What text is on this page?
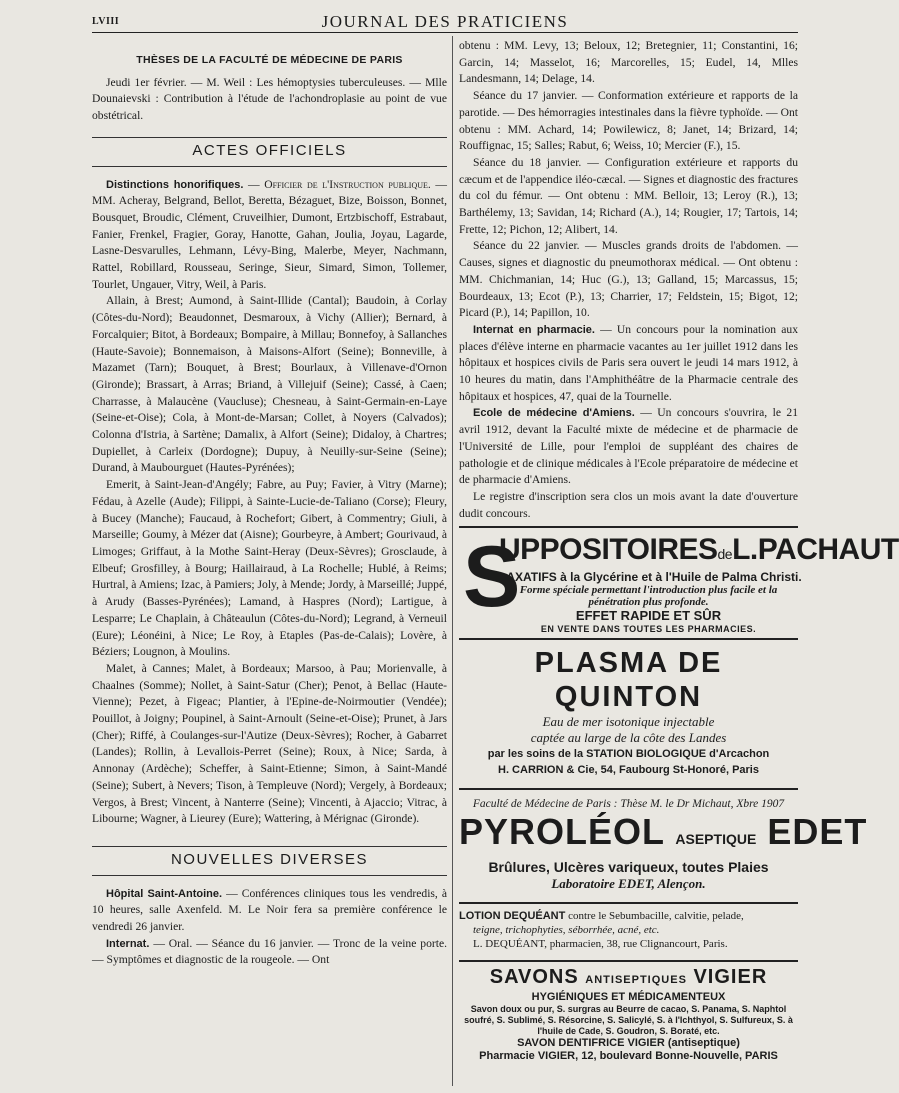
LVIII	JOURNAL DES PRATICIENS
THÈSES DE LA FACULTÉ DE MÉDECINE DE PARIS

Jeudi 1er février. — M. Weil : Les hémoptysies tuberculeuses. — Mlle Dounaievski : Contribution à l'étude de l'achondroplasie au point de vue obstétrical.

ACTES OFFICIELS

Distinctions honorifiques. — Officier de l'Instruction publique. — MM. Acheray, Belgrand, Bellot, Beretta, Bézaguet, Bize, Boisson, Bonnet, Bousquet, Broudic, Clément, Cruveilhier, Dumont, Ertzbischoff, Estrabaut, Fanier, Frenkel, Fragier, Goray, Hanotte, Gahan, Joulia, Joyau, Lagarde, Lasne-Desvarulles, Lehmann, Lévy-Bing, Malerbe, Meyer, Nachmann, Rattel, Robillard, Rousseau, Seringe, Sieur, Simard, Simon, Tollemer, Tourlet, Ungauer, Vitry, Weil, à Paris.

Allain, à Brest; Aumond, à Saint-Illide (Cantal); Baudoin, à Corlay (Côtes-du-Nord); Beaudonnet, Desmaroux, à Vichy (Allier); Bernard, à Forcalquier; Bitot, à Bordeaux; Bompaire, à Millau; Bonnefoy, à Sallanches (Haute-Savoie); Bonnemaison, à Maisons-Alfort (Seine); Bonneville, à Mazamet (Tarn); Bouquet, à Brest; Bourlaux, à Villenave-d'Ornon (Gironde); Brassart, à Arras; Briand, à Villejuif (Seine); Cassé, à Caen; Charrasse, à Malaucène (Vaucluse); Chesneau, à Saint-Germain-en-Laye (Seine-et-Oise); Cola, à Mont-de-Marsan; Collet, à Noyers (Calvados); Colonna d'Istria, à Sartène; Damalix, à Alfort (Seine); Didaloy, à Chartres; Dupiellet, à Carleix (Dordogne); Dupuy, à Neuilly-sur-Seine (Seine); Durand, à Maubourguet (Hautes-Pyrénées);

Emerit, à Saint-Jean-d'Angély; Fabre, au Puy; Favier, à Vitry (Marne); Fédau, à Azelle (Aude); Filippi, à Sainte-Lucie-de-Taliano (Corse); Fleury, à Bucey (Manche); Faucaud, à Rochefort; Gibert, à Commentry; Giuli, à Marseille; Goumy, à Mézer dat (Aisne); Gourbeyre, à Ambert; Gourivaud, à Limoges; Griffaut, à la Mothe Saint-Heray (Deux-Sèvres); Grosclaude, à Elbeuf; Grosfilley, à Bourg; Haillairaud, à La Rochelle; Hublé, à Reims; Hurtral, à Amiens; Izac, à Pamiers; Joly, à Mende; Jordy, à Marseillé; Juppé, à Arudy (Basses-Pyrénées); Lamand, à Haspres (Nord); Lartigue, à Lesparre; Le Chaplain, à Châteaulun (Côtes-du-Nord); Legrand, à Verneuil (Eure); Léonéini, à Nice; Le Roy, à Etaples (Pas-de-Calais); Lovère, à Béziers; Lougnon, à Moulins.

Malet, à Cannes; Malet, à Bordeaux; Marsoo, à Pau; Morienvalle, à Chaalnes (Somme); Nollet, à Saint-Satur (Cher); Penot, à Bellac (Haute-Vienne); Pezet, à Figeac; Plantier, à l'Epine-de-Noirmoutier (Vendée); Pouillot, à Joigny; Poupinel, à Saint-Arnoult (Seine-et-Oise); Prunet, à Jars (Cher); Riffé, à Coulanges-sur-l'Autize (Deux-Sèvres); Rocher, à Gabarret (Landes); Rollin, à Levallois-Perret (Seine); Roux, à Nice; Sarda, à Annonay (Ardèche); Scheffer, à Saint-Etienne; Simon, à Saint-Mandé (Seine); Subert, à Nevers; Tison, à Templeuve (Nord); Vergely, à Bordeaux; Vergos, à Brest; Vincent, à Nanterre (Seine); Vincenti, à Ajaccio; Vitrac, à Libourne; Wagner, à Lieurey (Eure); Wattering, à Mérignac (Gironde).

NOUVELLES DIVERSES

Hôpital Saint-Antoine. — Conférences cliniques tous les vendredis, à 10 heures, salle Axenfeld. M. Le Noir fera sa première conférence le vendredi 26 janvier.

Internat. — Oral. — Séance du 16 janvier. — Tronc de la veine porte. — Symptômes et diagnostic de la rougeole. — Ont

obtenu : MM. Levy, 13; Beloux, 12; Bretegnier, 11; Constantini, 16; Garcin, 14; Masselot, 16; Marcorelles, 15; Eudel, 14, Mlles Landesmann, 14; Delage, 14.

Séance du 17 janvier. — Conformation extérieure et rapports de la parotide. — Des hémorragies intestinales dans la fièvre typhoïde. — Ont obtenu : MM. Achard, 14; Powilewicz, 8; Janet, 14; Brizard, 14; Rouffignac, 15; Salles; Rabut, 6; Weiss, 10; Mercier (F.), 15.

Séance du 18 janvier. — Configuration extérieure et rapports du cæcum et de l'appendice iléo-cæcal. — Signes et diagnostic des fractures du col du fémur. — Ont obtenu : MM. Belloir, 13; Leroy (R.), 13; Barthélemy, 13; Savidan, 14; Richard (A.), 14; Rougier, 17; Tartois, 14; Frette, 12; Pichon, 12; Alibert, 14.

Séance du 22 janvier. — Muscles grands droits de l'abdomen. — Causes, signes et diagnostic du pneumothorax médical. — Ont obtenu : MM. Chichmanian, 14; Huc (G.), 13; Galland, 15; Marcassus, 15; Bourdeaux, 13; Ecot (P.), 13; Charrier, 17; Feldstein, 15; Bigot, 12; Picard (P.), 14; Papillon, 10.

Internat en pharmacie. — Un concours pour la nomination aux places d'élève interne en pharmacie vacantes au 1er juillet 1912 dans les hôpitaux et hospices civils de Paris sera ouvert le jeudi 14 mars 1912, à 10 heures du matin, dans l'Amphithéâtre de la Pharmacie centrale des hôpitaux et hospices, 47, quai de la Tournelle.

Ecole de médecine d'Amiens. — Un concours s'ouvrira, le 21 avril 1912, devant la Faculté mixte de médecine et de pharmacie de l'Université de Lille, pour l'emploi de suppléant des chaires de pathologie et de clinique médicales à l'Ecole préparatoire de médecine et de pharmacie d'Amiens.

Le registre d'inscription sera clos un mois avant la date d'ouverture dudit concours.

S
UPPOSITOIRESdeL.PACHAUT
LAXATIFS à la Glycérine et à l'Huile de Palma Christi.
Forme spéciale permettant l'introduction plus facile et la pénétration plus profonde.
EFFET RAPIDE ET SÛR
EN VENTE DANS TOUTES LES PHARMACIES.
PLASMA DE QUINTON
Eau de mer isotonique injectable
captée au large de la côte des Landes
par les soins de la STATION BIOLOGIQUE d'Arcachon
H. CARRION & Cie, 54, Faubourg St-Honoré, Paris
Faculté de Médecine de Paris : Thèse M. le Dr Michaut, Xbre 1907
PYROLÉOL ASEPTIQUE EDET
Brûlures, Ulcères variqueux, toutes Plaies
Laboratoire EDET, Alençon.
LOTION DEQUÉANT contre le Sebumbacille, calvitie, pelade,
teigne, trichophyties, séborrhée, acné, etc.
L. DEQUÉANT, pharmacien, 38, rue Clignancourt, Paris.
SAVONS ANTISEPTIQUES VIGIER
HYGIÉNIQUES ET MÉDICAMENTEUX
Savon doux ou pur, S. surgras au Beurre de cacao, S. Panama, S. Naphtol soufré, S. Sublimé, S. Résorcine, S. Salicylé, S. à l'Ichthyol, S. Sulfureux, S. à l'huile de Cade, S. Goudron, S. Boraté, etc.
SAVON DENTIFRICE VIGIER (antiseptique)
Pharmacie VIGIER, 12, boulevard Bonne-Nouvelle, PARIS
